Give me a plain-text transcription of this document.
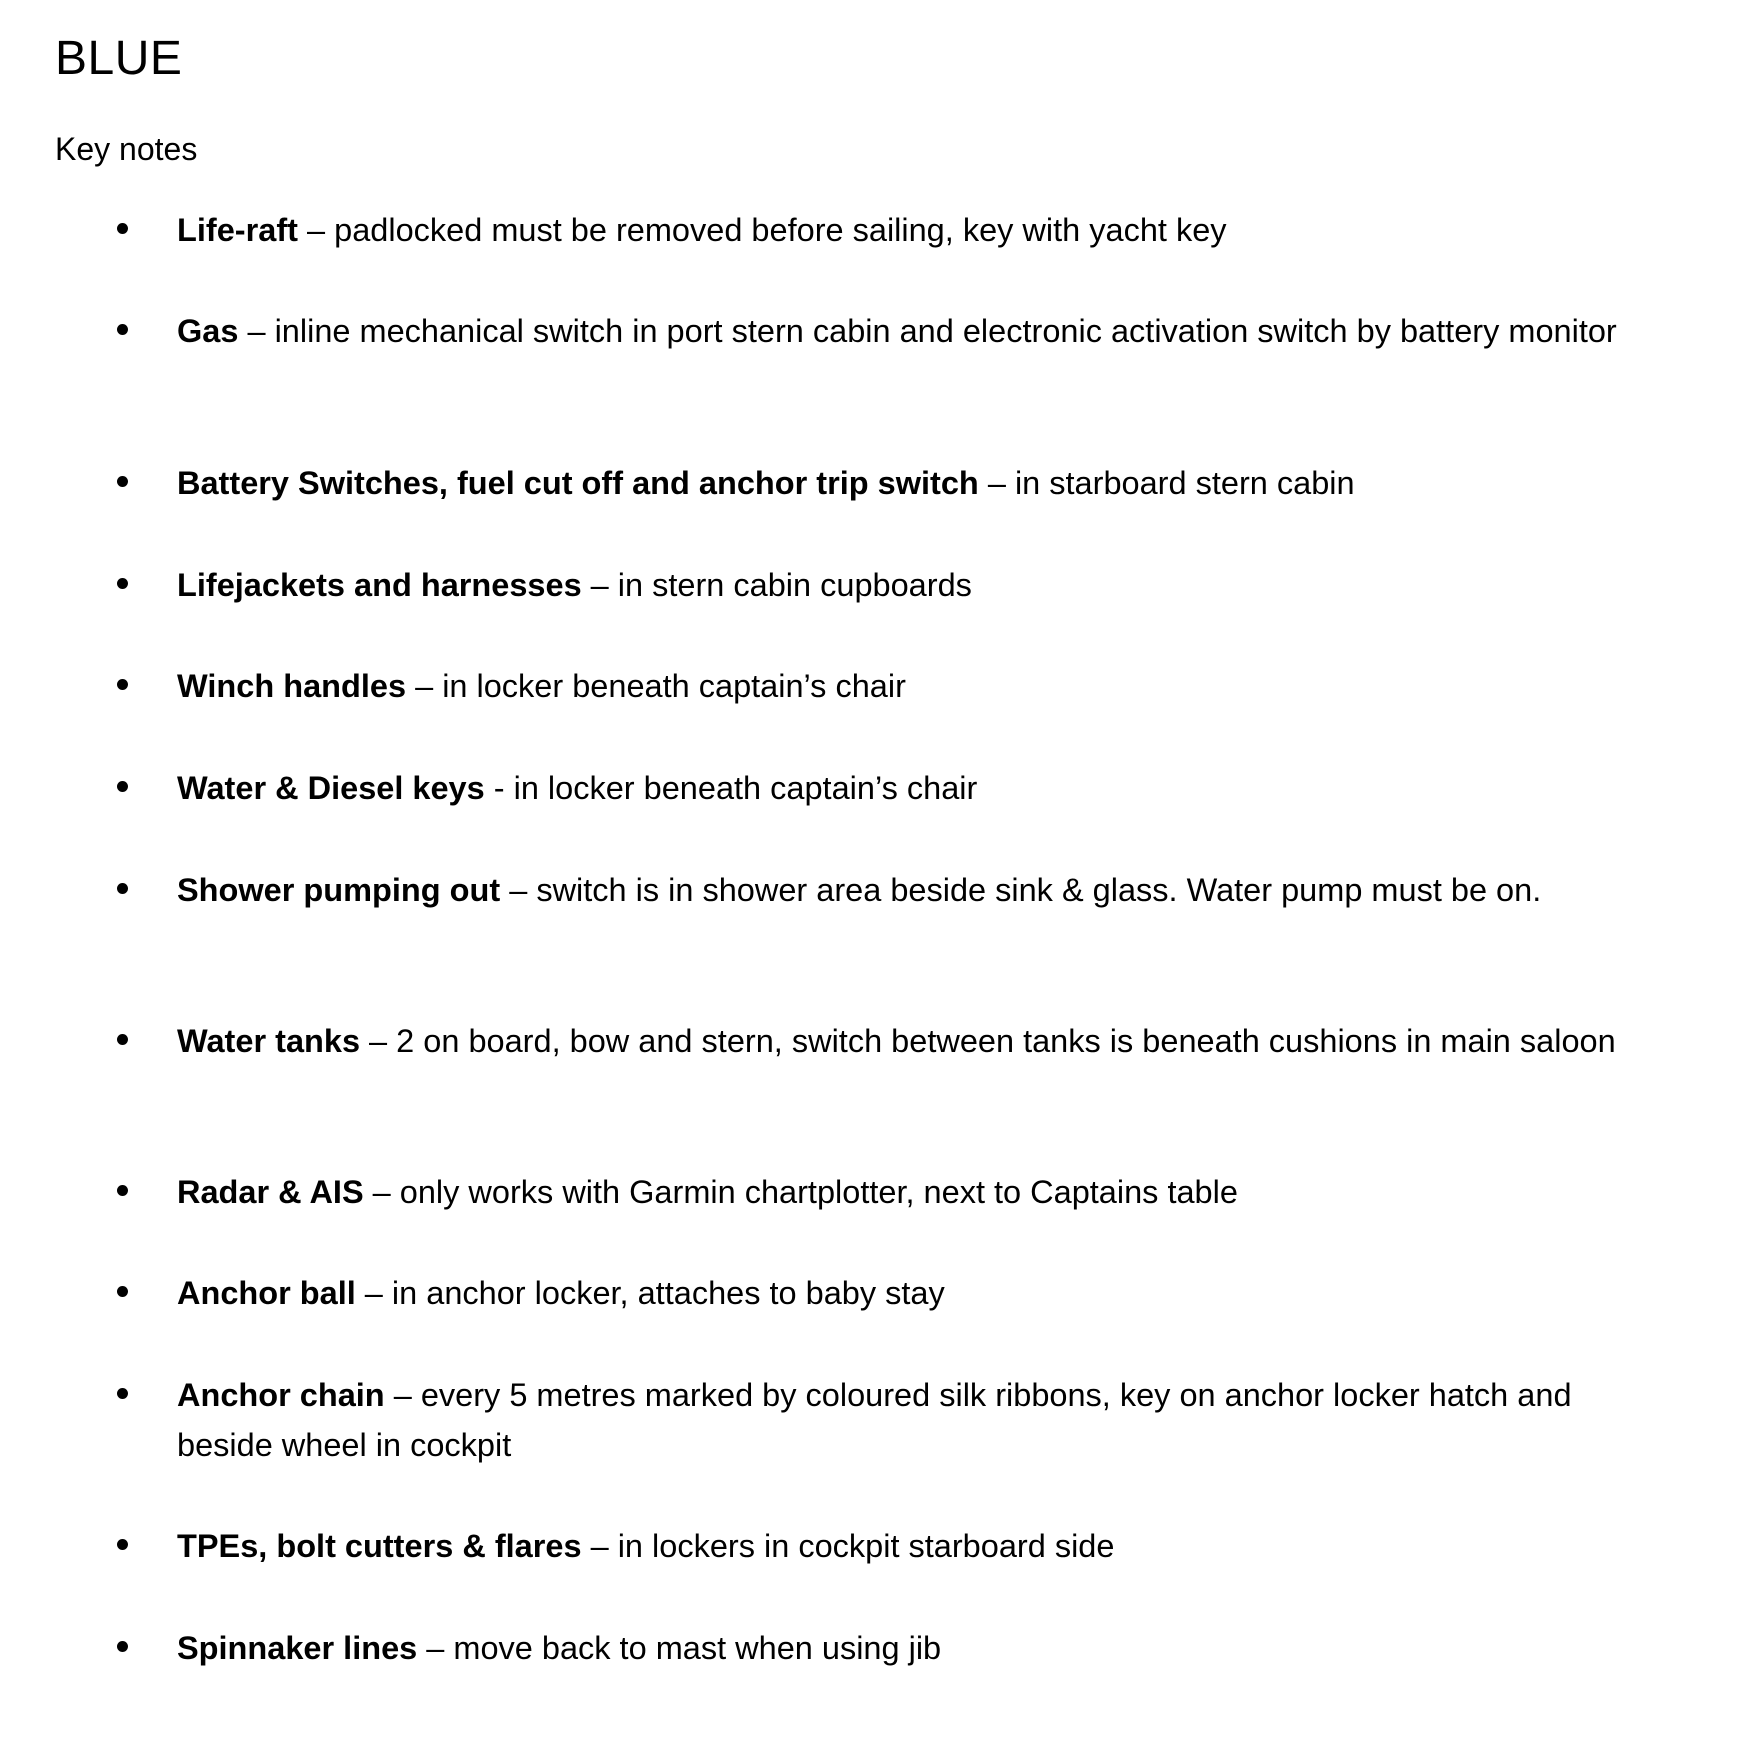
BLUE

Key notes

Life-raft – padlocked must be removed before sailing, key with yacht key
Gas – inline mechanical switch in port stern cabin and electronic activation switch by battery monitor
Battery Switches, fuel cut off and anchor trip switch – in starboard stern cabin
Lifejackets and harnesses – in stern cabin cupboards
Winch handles – in locker beneath captain’s chair
Water & Diesel keys - in locker beneath captain’s chair
Shower pumping out – switch is in shower area beside sink & glass. Water pump must be on.
Water tanks – 2 on board, bow and stern, switch between tanks is beneath cushions in main saloon
Radar & AIS – only works with Garmin chartplotter, next to Captains table
Anchor ball – in anchor locker, attaches to baby stay
Anchor chain – every 5 metres marked by coloured silk ribbons, key on anchor locker hatch and beside wheel in cockpit
TPEs, bolt cutters & flares – in lockers in cockpit starboard side
Spinnaker lines – move back to mast when using jib
